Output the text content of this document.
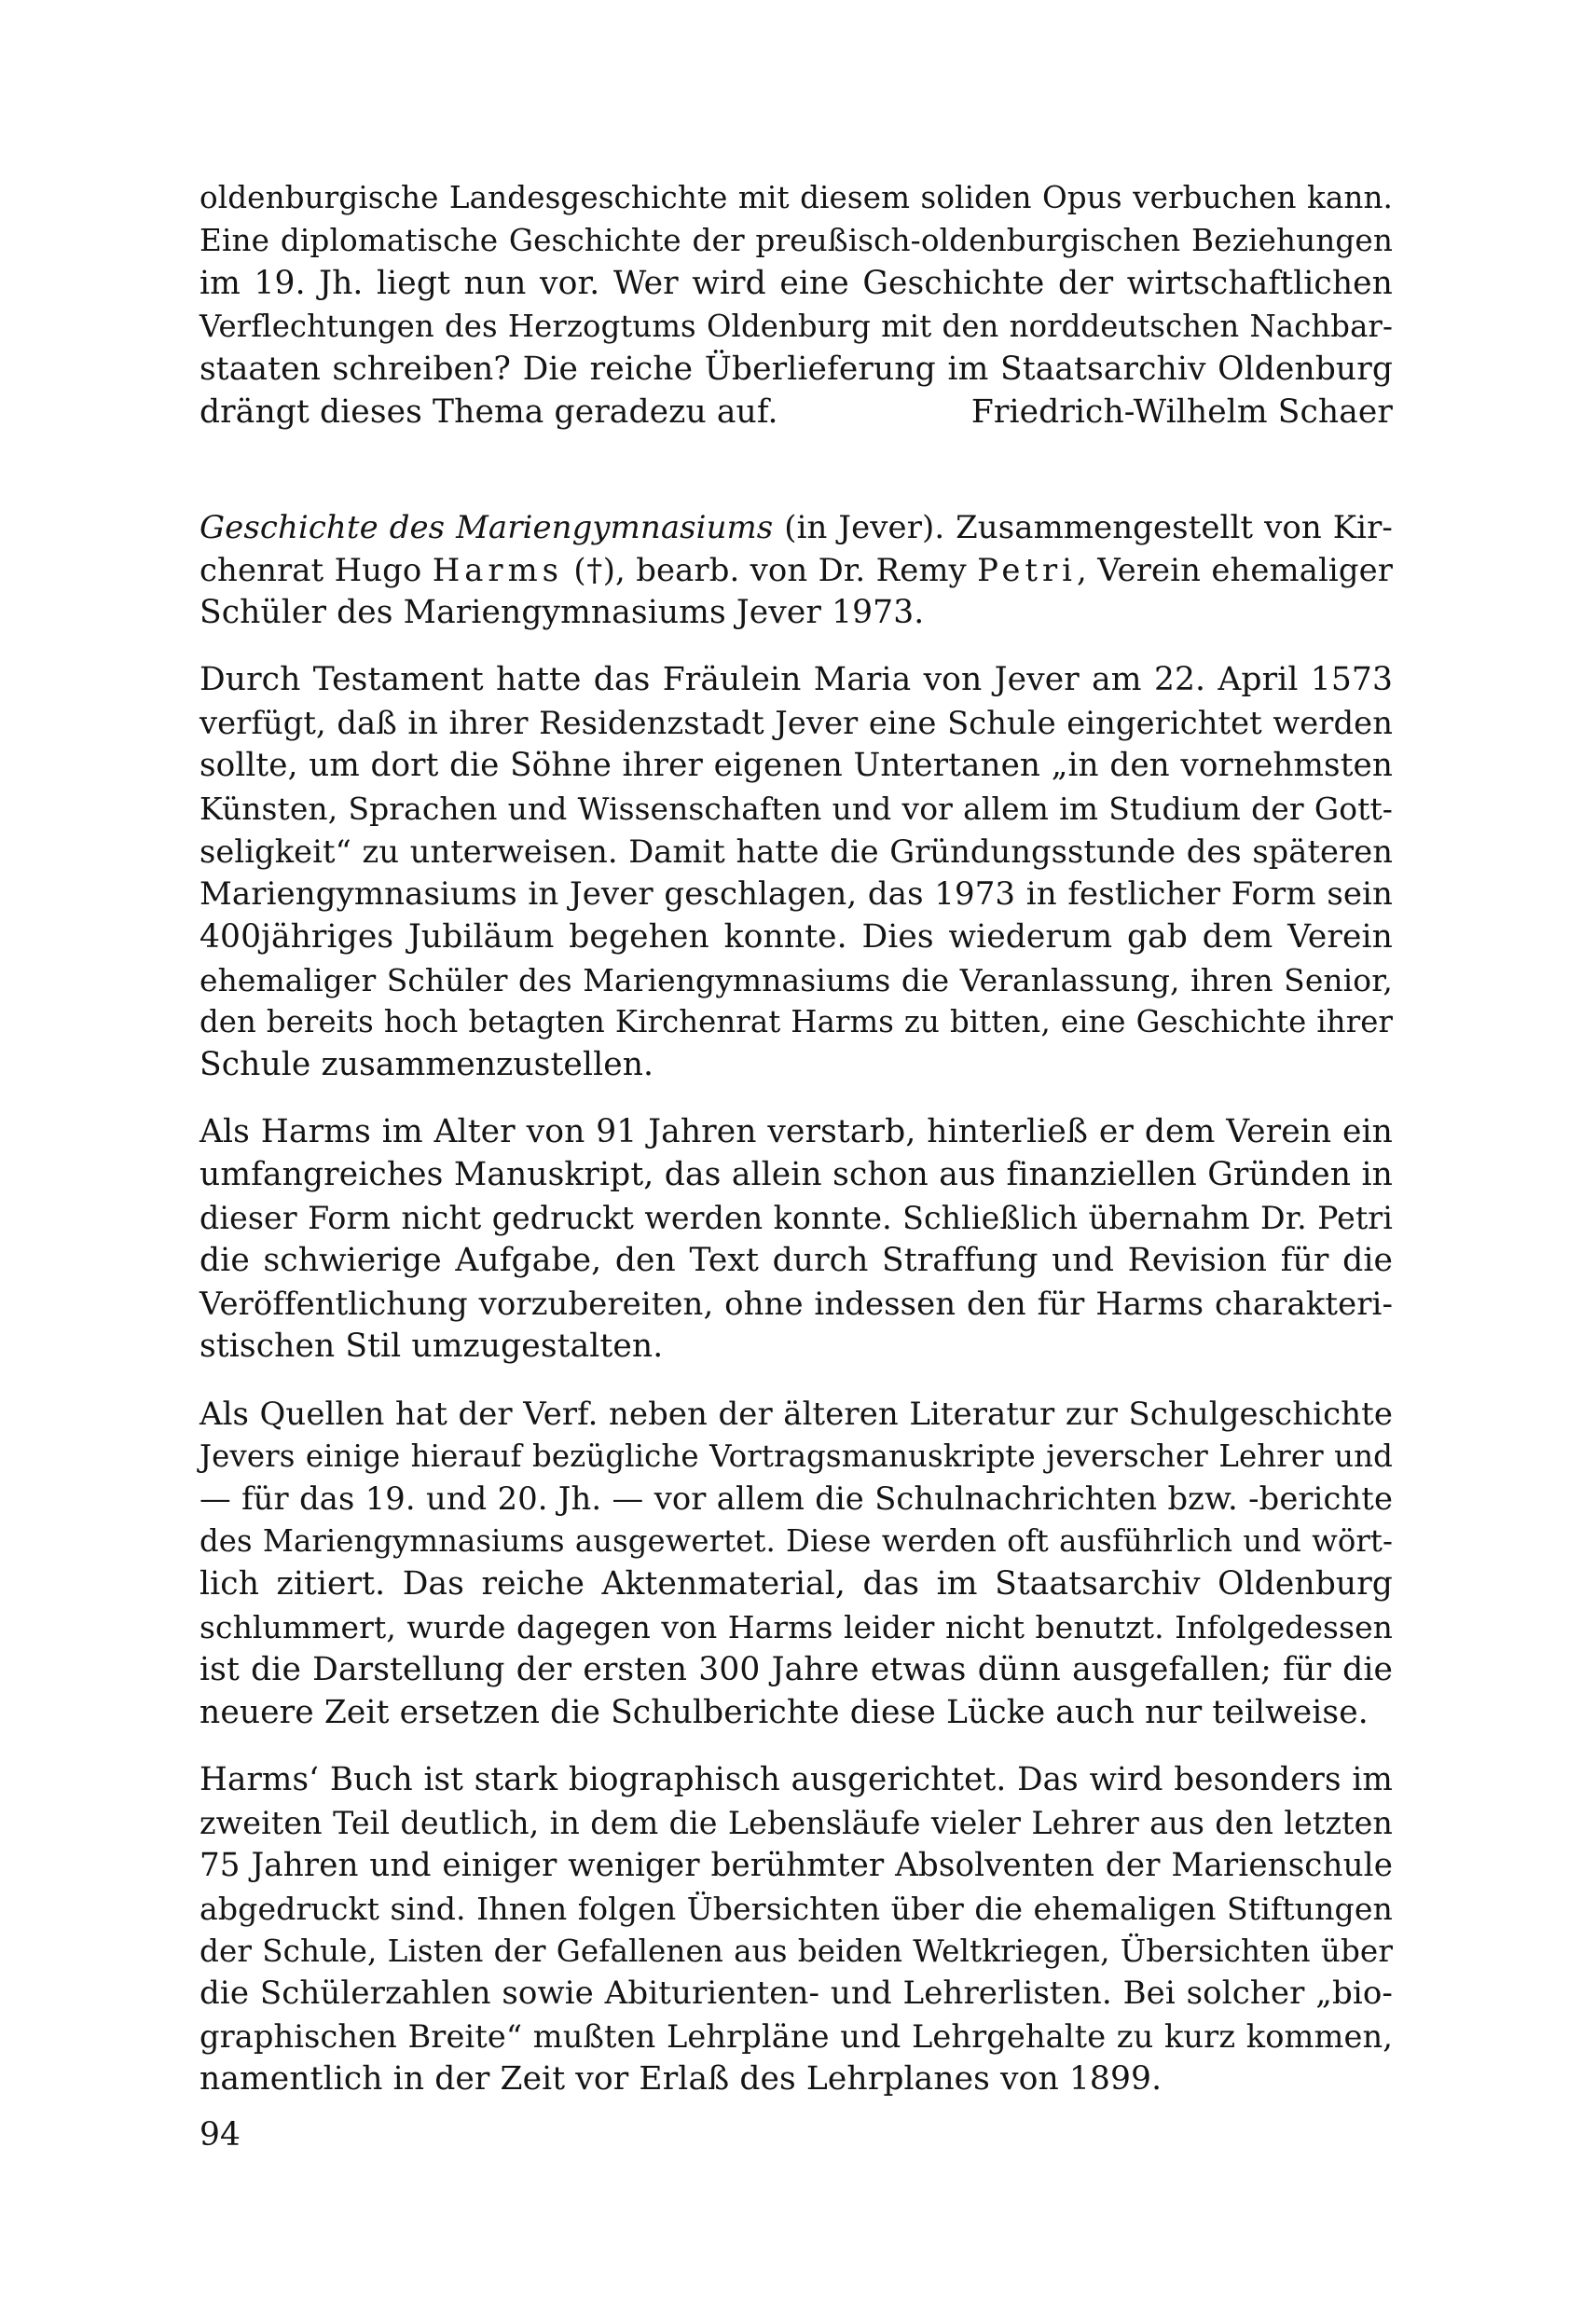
oldenburgische Landesgeschichte mit diesem soliden Opus verbuchen kann.
Eine diplomatische Geschichte der preußisch-oldenburgischen Beziehungen
im 19. Jh. liegt nun vor. Wer wird eine Geschichte der wirtschaftlichen
Verflechtungen des Herzogtums Oldenburg mit den norddeutschen Nachbar-
staaten schreiben? Die reiche Überlieferung im Staatsarchiv Oldenburg
drängt dieses Thema geradezu auf.	Friedrich-Wilhelm Schaer
Geschichte des Mariengymnasiums (in Jever). Zusammengestellt von Kir-
chenrat Hugo Harms (†), bearb. von Dr. Remy Petri, Verein ehemaliger
Schüler des Mariengymnasiums Jever 1973.
Durch Testament hatte das Fräulein Maria von Jever am 22. April 1573
verfügt, daß in ihrer Residenzstadt Jever eine Schule eingerichtet werden
sollte, um dort die Söhne ihrer eigenen Untertanen „in den vornehmsten
Künsten, Sprachen und Wissenschaften und vor allem im Studium der Gott-
seligkeit“ zu unterweisen. Damit hatte die Gründungsstunde des späteren
Mariengymnasiums in Jever geschlagen, das 1973 in festlicher Form sein
400jähriges Jubiläum begehen konnte. Dies wiederum gab dem Verein
ehemaliger Schüler des Mariengymnasiums die Veranlassung, ihren Senior,
den bereits hoch betagten Kirchenrat Harms zu bitten, eine Geschichte ihrer
Schule zusammenzustellen.
Als Harms im Alter von 91 Jahren verstarb, hinterließ er dem Verein ein
umfangreiches Manuskript, das allein schon aus finanziellen Gründen in
dieser Form nicht gedruckt werden konnte. Schließlich übernahm Dr. Petri
die schwierige Aufgabe, den Text durch Straffung und Revision für die
Veröffentlichung vorzubereiten, ohne indessen den für Harms charakteri-
stischen Stil umzugestalten.
Als Quellen hat der Verf. neben der älteren Literatur zur Schulgeschichte
Jevers einige hierauf bezügliche Vortragsmanuskripte jeverscher Lehrer und
— für das 19. und 20. Jh. — vor allem die Schulnachrichten bzw. -berichte
des Mariengymnasiums ausgewertet. Diese werden oft ausführlich und wört-
lich zitiert. Das reiche Aktenmaterial, das im Staatsarchiv Oldenburg
schlummert, wurde dagegen von Harms leider nicht benutzt. Infolgedessen
ist die Darstellung der ersten 300 Jahre etwas dünn ausgefallen; für die
neuere Zeit ersetzen die Schulberichte diese Lücke auch nur teilweise.
Harms‘ Buch ist stark biographisch ausgerichtet. Das wird besonders im
zweiten Teil deutlich, in dem die Lebensläufe vieler Lehrer aus den letzten
75 Jahren und einiger weniger berühmter Absolventen der Marienschule
abgedruckt sind. Ihnen folgen Übersichten über die ehemaligen Stiftungen
der Schule, Listen der Gefallenen aus beiden Weltkriegen, Übersichten über
die Schülerzahlen sowie Abiturienten- und Lehrerlisten. Bei solcher „bio-
graphischen Breite“ mußten Lehrpläne und Lehrgehalte zu kurz kommen,
namentlich in der Zeit vor Erlaß des Lehrplanes von 1899.
94
